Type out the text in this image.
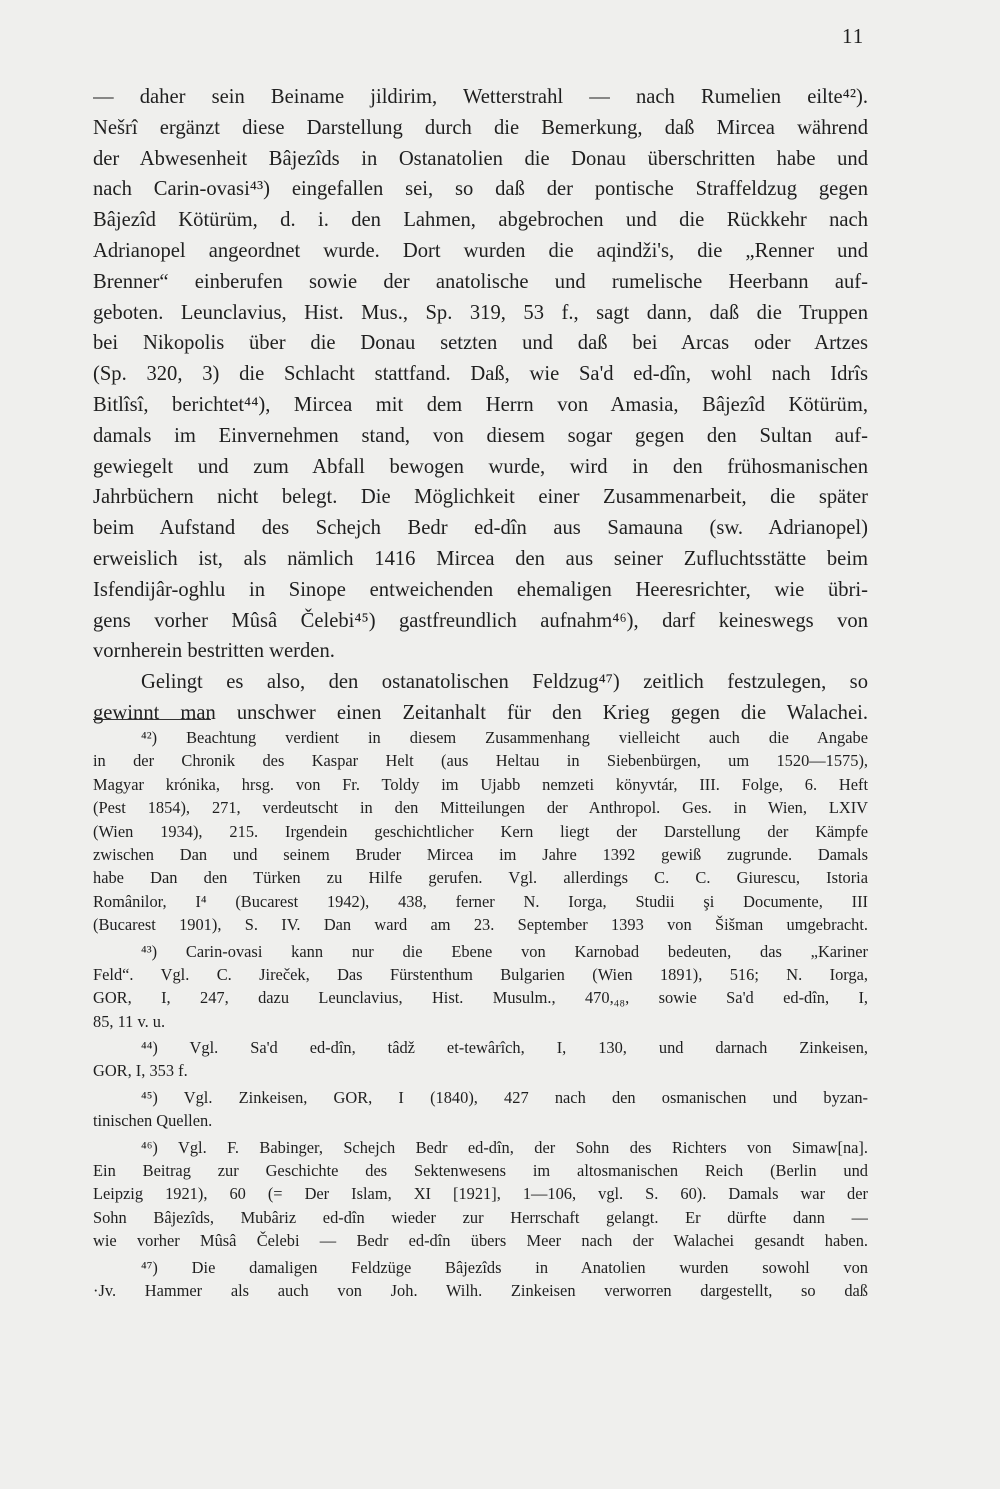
11
— daher sein Beiname jildirim, Wetterstrahl — nach Rumelien eilte⁴²).
Nešrî ergänzt diese Darstellung durch die Bemerkung, daß Mircea während
der Abwesenheit Bâjezîds in Ostanatolien die Donau überschritten habe und
nach Carin-ovasi⁴³) eingefallen sei, so daß der pontische Straffeldzug gegen
Bâjezîd Kötürüm, d. i. den Lahmen, abgebrochen und die Rückkehr nach
Adrianopel angeordnet wurde. Dort wurden die aqindži's, die „Renner und
Brenner“ einberufen sowie der anatolische und rumelische Heerbann auf-
geboten. Leunclavius, Hist. Mus., Sp. 319, 53 f., sagt dann, daß die Truppen
bei Nikopolis über die Donau setzten und daß bei Arcas oder Artzes
(Sp. 320, 3) die Schlacht stattfand. Daß, wie Sa'd ed-dîn, wohl nach Idrîs
Bitlîsî, berichtet⁴⁴), Mircea mit dem Herrn von Amasia, Bâjezîd Kötürüm,
damals im Einvernehmen stand, von diesem sogar gegen den Sultan auf-
gewiegelt und zum Abfall bewogen wurde, wird in den frühosmanischen
Jahrbüchern nicht belegt. Die Möglichkeit einer Zusammenarbeit, die später
beim Aufstand des Schejch Bedr ed-dîn aus Samauna (sw. Adrianopel)
erweislich ist, als nämlich 1416 Mircea den aus seiner Zufluchtsstätte beim
Isfendijâr-oghlu in Sinope entweichenden ehemaligen Heeresrichter, wie übri-
gens vorher Mûsâ Čelebi⁴⁵) gastfreundlich aufnahm⁴⁶), darf keineswegs von
vornherein bestritten werden.
Gelingt es also, den ostanatolischen Feldzug⁴⁷) zeitlich festzulegen, so
gewinnt man unschwer einen Zeitanhalt für den Krieg gegen die Walachei.
⁴²) Beachtung verdient in diesem Zusammenhang vielleicht auch die Angabe
in der Chronik des Kaspar Helt (aus Heltau in Siebenbürgen, um 1520—1575),
Magyar krónika, hrsg. von Fr. Toldy im Ujabb nemzeti könyvtár, III. Folge, 6. Heft
(Pest 1854), 271, verdeutscht in den Mitteilungen der Anthropol. Ges. in Wien, LXIV
(Wien 1934), 215. Irgendein geschichtlicher Kern liegt der Darstellung der Kämpfe
zwischen Dan und seinem Bruder Mircea im Jahre 1392 gewiß zugrunde. Damals
habe Dan den Türken zu Hilfe gerufen. Vgl. allerdings C. C. Giurescu, Istoria
Românilor, I⁴ (Bucarest 1942), 438, ferner N. Iorga, Studii şi Documente, III
(Bucarest 1901), S. IV. Dan ward am 23. September 1393 von Šišman umgebracht.
⁴³) Carin-ovasi kann nur die Ebene von Karnobad bedeuten, das „Kariner
Feld“. Vgl. C. Jireček, Das Fürstenthum Bulgarien (Wien 1891), 516; N. Iorga,
GOR, I, 247, dazu Leunclavius, Hist. Musulm., 470,₄₈, sowie Sa'd ed-dîn, I,
85, 11 v. u.
⁴⁴) Vgl. Sa'd ed-dîn, tâdž et-tewârîch, I, 130, und darnach Zinkeisen,
GOR, I, 353 f.
⁴⁵) Vgl. Zinkeisen, GOR, I (1840), 427 nach den osmanischen und byzan-
tinischen Quellen.
⁴⁶) Vgl. F. Babinger, Schejch Bedr ed-dîn, der Sohn des Richters von Simaw[na].
Ein Beitrag zur Geschichte des Sektenwesens im altosmanischen Reich (Berlin und
Leipzig 1921), 60 (= Der Islam, XI [1921], 1—106, vgl. S. 60). Damals war der
Sohn Bâjezîds, Mubâriz ed-dîn wieder zur Herrschaft gelangt. Er dürfte dann —
wie vorher Mûsâ Čelebi — Bedr ed-dîn übers Meer nach der Walachei gesandt haben.
⁴⁷) Die damaligen Feldzüge Bâjezîds in Anatolien wurden sowohl von
·Jv. Hammer als auch von Joh. Wilh. Zinkeisen verworren dargestellt, so daß
